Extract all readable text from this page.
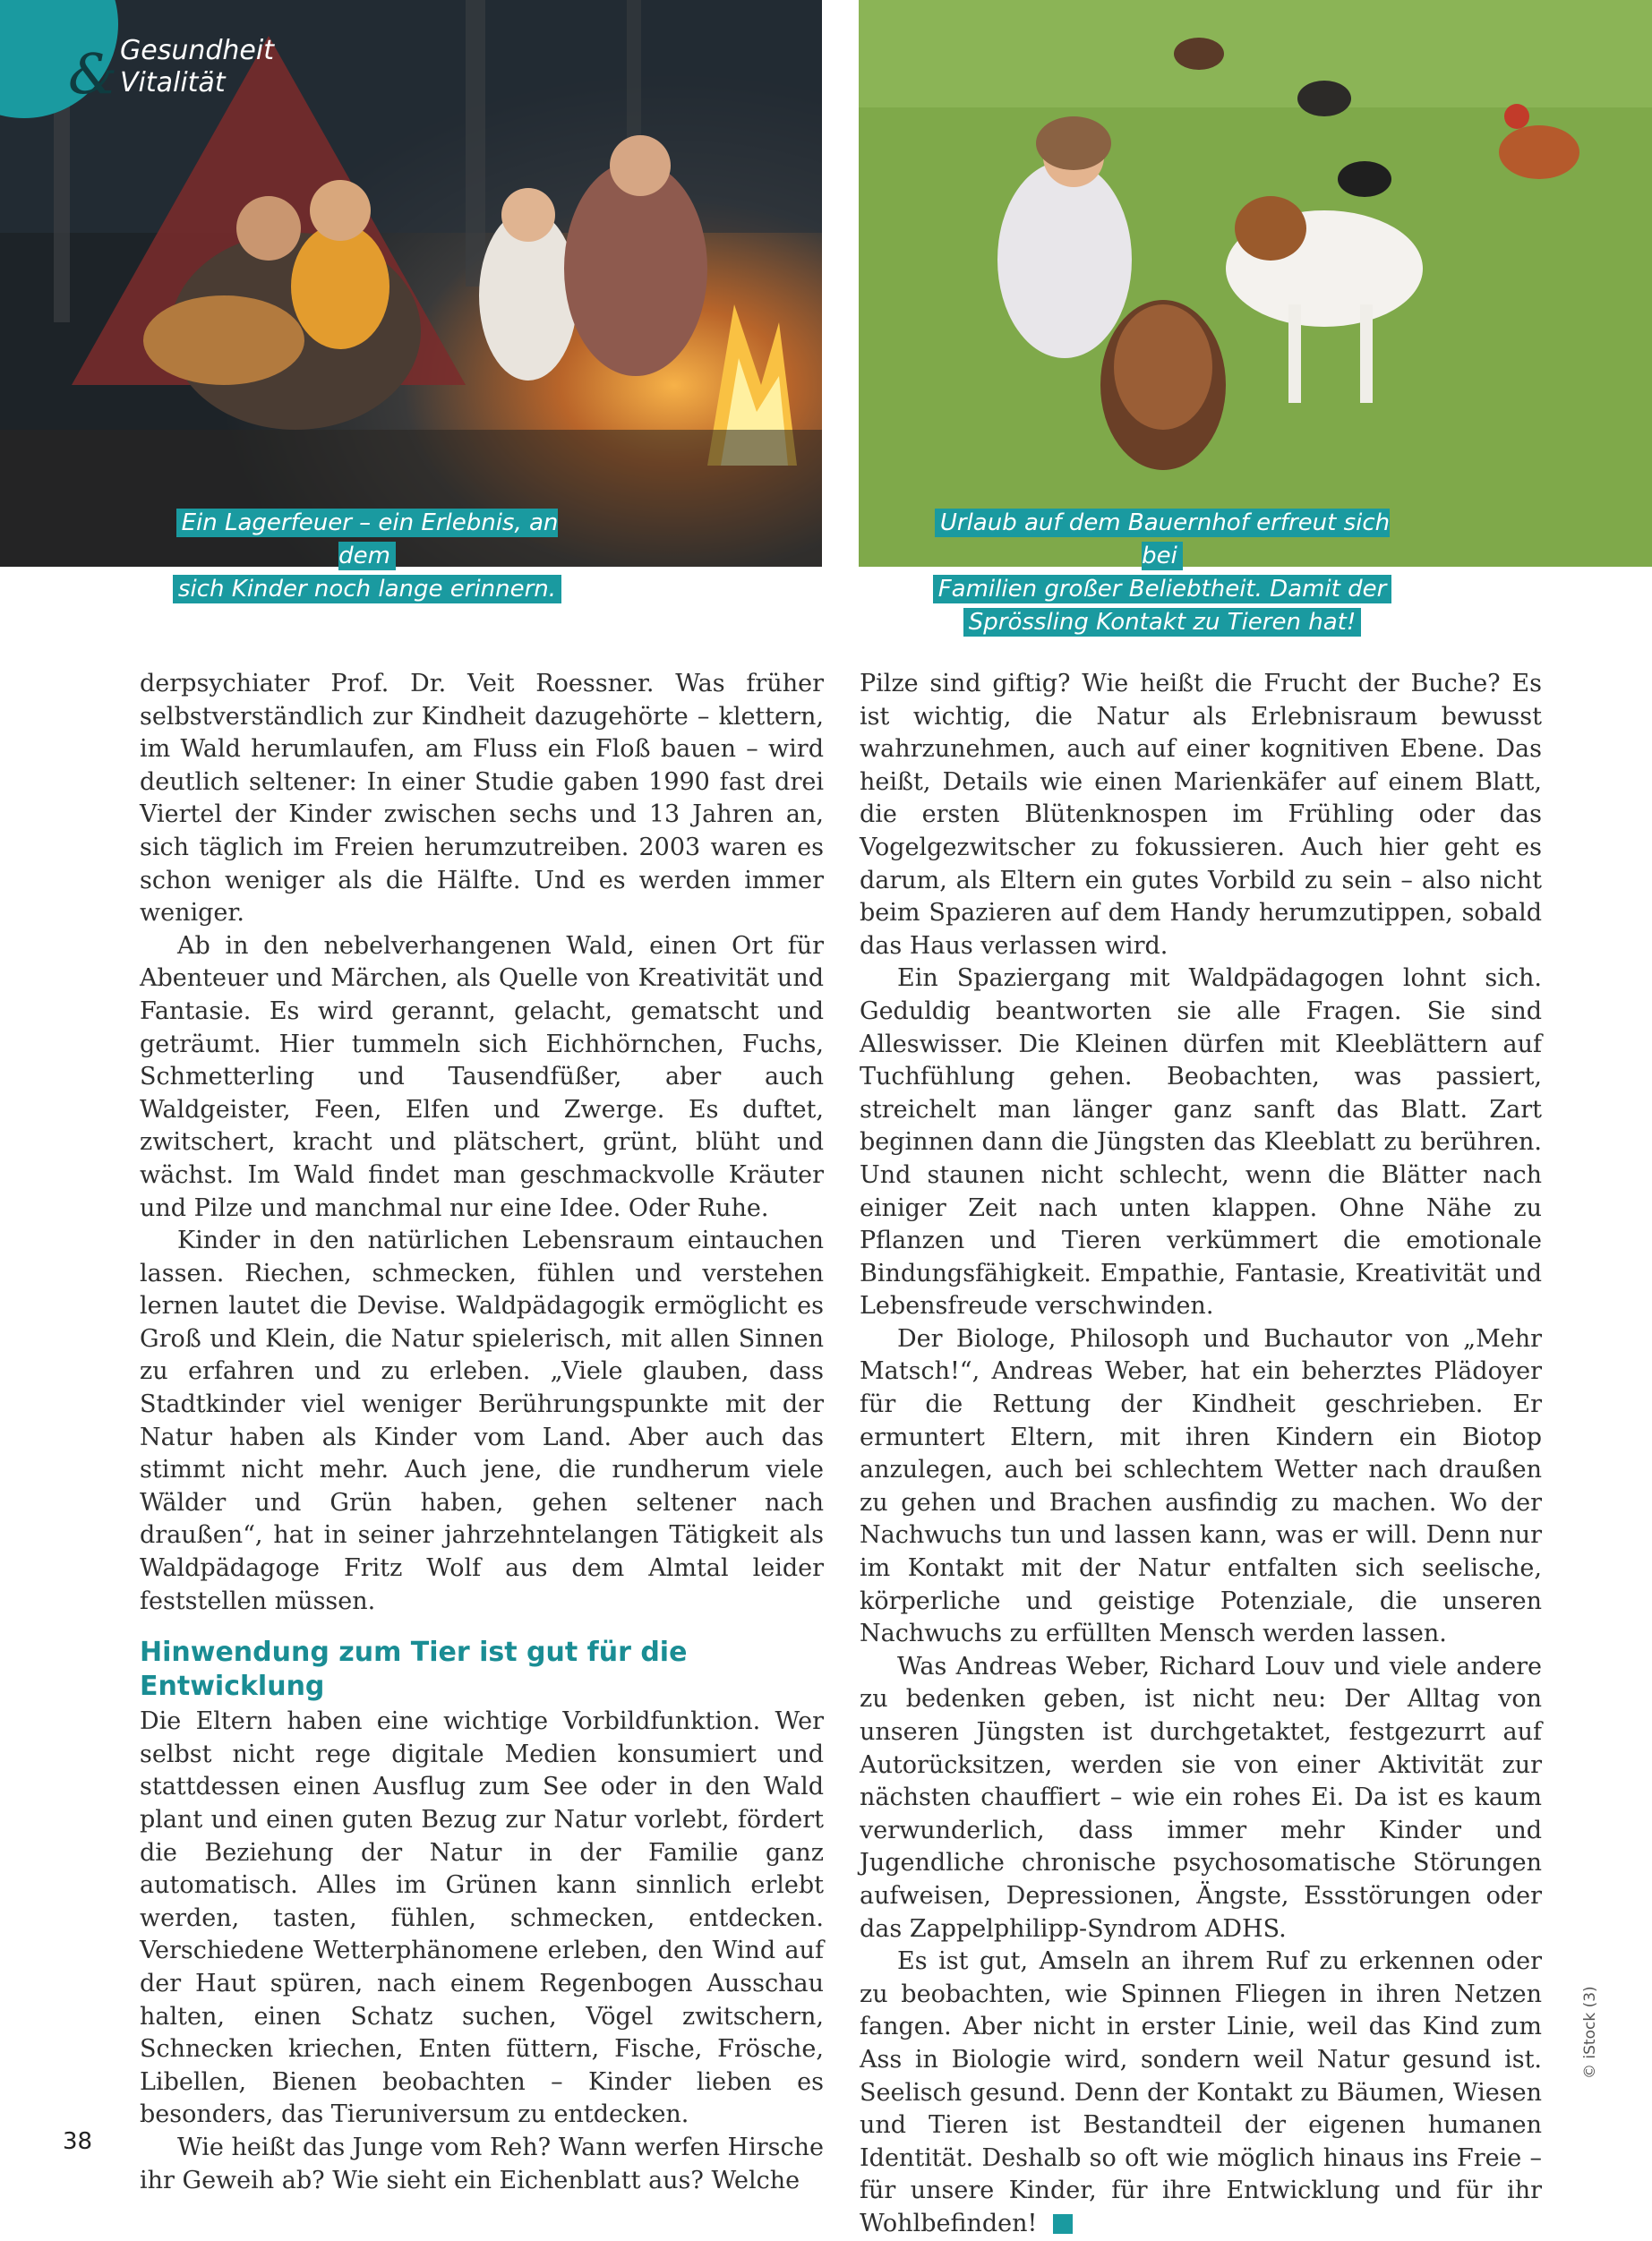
& Gesundheit
Vitalität
Ein Lagerfeuer – ein Erlebnis, an dem
sich Kinder noch lange erinnern.
Urlaub auf dem Bauernhof erfreut sich bei
Familien großer Beliebtheit. Damit der
Sprössling Kontakt zu Tieren hat!

derpsychiater Prof. Dr. Veit Roessner. Was früher selbstverständlich zur Kindheit dazugehörte – klettern, im Wald herumlaufen, am Fluss ein Floß bauen – wird deutlich seltener: In einer Studie gaben 1990 fast drei Viertel der Kinder zwischen sechs und 13 Jahren an, sich täglich im Freien herumzutreiben. 2003 waren es schon weniger als die Hälfte. Und es werden immer weniger.

Ab in den nebelverhangenen Wald, einen Ort für Abenteuer und Märchen, als Quelle von Kreativität und Fantasie. Es wird gerannt, gelacht, gematscht und geträumt. Hier tummeln sich Eichhörnchen, Fuchs, Schmetterling und Tausendfüßer, aber auch Waldgeister, Feen, Elfen und Zwerge. Es duftet, zwitschert, kracht und plätschert, grünt, blüht und wächst. Im Wald findet man geschmackvolle Kräuter und Pilze und manchmal nur eine Idee. Oder Ruhe.

Kinder in den natürlichen Lebensraum eintauchen lassen. Riechen, schmecken, fühlen und verstehen lernen lautet die Devise. Waldpädagogik ermöglicht es Groß und Klein, die Natur spielerisch, mit allen Sinnen zu erfahren und zu erleben. „Viele glauben, dass Stadtkinder viel weniger Berührungspunkte mit der Natur haben als Kinder vom Land. Aber auch das stimmt nicht mehr. Auch jene, die rundherum viele Wälder und Grün haben, gehen seltener nach draußen“, hat in seiner jahrzehntelangen Tätigkeit als Waldpädagoge Fritz Wolf aus dem Almtal leider feststellen müssen.

Hinwendung zum Tier ist gut für die Entwicklung

Die Eltern haben eine wichtige Vorbildfunktion. Wer selbst nicht rege digitale Medien konsumiert und stattdessen einen Ausflug zum See oder in den Wald plant und einen guten Bezug zur Natur vorlebt, fördert die Beziehung der Natur in der Familie ganz automatisch. Alles im Grünen kann sinnlich erlebt werden, tasten, fühlen, schmecken, entdecken. Verschiedene Wetterphänomene erleben, den Wind auf der Haut spüren, nach einem Regenbogen Ausschau halten, einen Schatz suchen, Vögel zwitschern, Schnecken kriechen, Enten füttern, Fische, Frösche, Libellen, Bienen beobachten – Kinder lieben es besonders, das Tieruniversum zu entdecken.

Wie heißt das Junge vom Reh? Wann werfen Hirsche ihr Geweih ab? Wie sieht ein Eichenblatt aus? Welche

Pilze sind giftig? Wie heißt die Frucht der Buche? Es ist wichtig, die Natur als Erlebnisraum bewusst wahrzunehmen, auch auf einer kognitiven Ebene. Das heißt, Details wie einen Marienkäfer auf einem Blatt, die ersten Blütenknospen im Frühling oder das Vogelgezwitscher zu fokussieren. Auch hier geht es darum, als Eltern ein gutes Vorbild zu sein – also nicht beim Spazieren auf dem Handy herumzutippen, sobald das Haus verlassen wird.

Ein Spaziergang mit Waldpädagogen lohnt sich. Geduldig beantworten sie alle Fragen. Sie sind Alleswisser. Die Kleinen dürfen mit Kleeblättern auf Tuchfühlung gehen. Beobachten, was passiert, streichelt man länger ganz sanft das Blatt. Zart beginnen dann die Jüngsten das Kleeblatt zu berühren. Und staunen nicht schlecht, wenn die Blätter nach einiger Zeit nach unten klappen. Ohne Nähe zu Pflanzen und Tieren verkümmert die emotionale Bindungsfähigkeit. Empathie, Fantasie, Kreativität und Lebensfreude verschwinden.

Der Biologe, Philosoph und Buchautor von „Mehr Matsch!“, Andreas Weber, hat ein beherztes Plädoyer für die Rettung der Kindheit geschrieben. Er ermuntert Eltern, mit ihren Kindern ein Biotop anzulegen, auch bei schlechtem Wetter nach draußen zu gehen und Brachen ausfindig zu machen. Wo der Nachwuchs tun und lassen kann, was er will. Denn nur im Kontakt mit der Natur entfalten sich seelische, körperliche und geistige Potenziale, die unseren Nachwuchs zu erfüllten Mensch werden lassen.

Was Andreas Weber, Richard Louv und viele andere zu bedenken geben, ist nicht neu: Der Alltag von unseren Jüngsten ist durchgetaktet, festgezurrt auf Autorücksitzen, werden sie von einer Aktivität zur nächsten chauffiert – wie ein rohes Ei. Da ist es kaum verwunderlich, dass immer mehr Kinder und Jugendliche chronische psychosomatische Störungen aufweisen, Depressionen, Ängste, Essstörungen oder das Zappelphilipp-Syndrom ADHS.

Es ist gut, Amseln an ihrem Ruf zu erkennen oder zu beobachten, wie Spinnen Fliegen in ihren Netzen fangen. Aber nicht in erster Linie, weil das Kind zum Ass in Biologie wird, sondern weil Natur gesund ist. Seelisch gesund. Denn der Kontakt zu Bäumen, Wiesen und Tieren ist Bestandteil der eigenen humanen Identität. Deshalb so oft wie möglich hinaus ins Freie – für unsere Kinder, für ihre Entwicklung und für ihr Wohlbefinden!

© iStock (3)
38
